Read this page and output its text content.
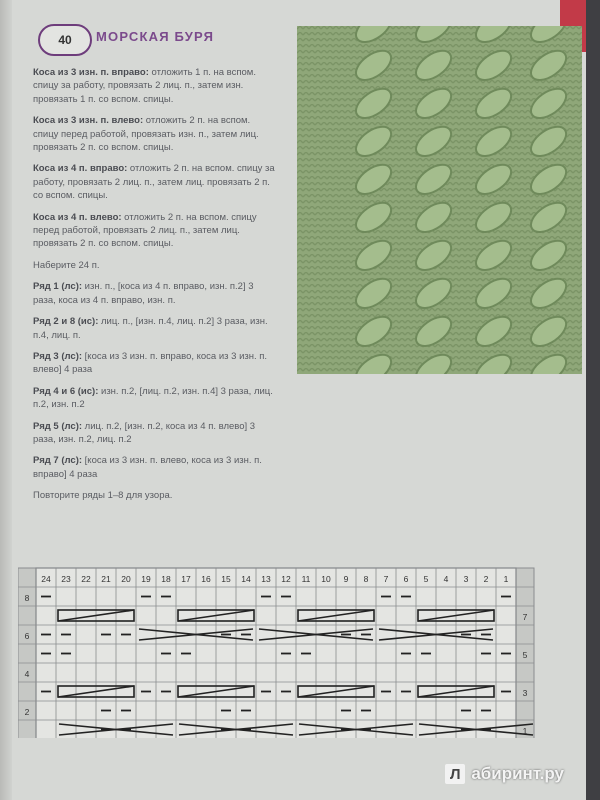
40 МОРСКАЯ БУРЯ

Коса из 3 изн. п. вправо: отложить 1 п. на вспом. спицу за работу, провязать 2 лиц. п., затем изн. провязать 1 п. со вспом. спицы.

Коса из 3 изн. п. влево: отложить 2 п. на вспом. спицу перед работой, провязать изн. п., затем лиц. провязать 2 п. со вспом. спицы.

Коса из 4 п. вправо: отложить 2 п. на вспом. спицу за работу, провязать 2 лиц. п., затем лиц. провязать 2 п. со вспом. спицы.

Коса из 4 п. влево: отложить 2 п. на вспом. спицу перед работой, провязать 2 лиц. п., затем лиц. провязать 2 п. со вспом. спицы.

Наберите 24 п.

Ряд 1 (лс): изн. п., [коса из 4 п. вправо, изн. п.2] 3 раза, коса из 4 п. вправо, изн. п.

Ряд 2 и 8 (ис): лиц. п., [изн. п.4, лиц. п.2] 3 раза, изн. п.4, лиц. п.

Ряд 3 (лс): [коса из 3 изн. п. вправо, коса из 3 изн. п. влево] 4 раза

Ряд 4 и 6 (ис): изн. п.2, [лиц. п.2, изн. п.4] 3 раза, лиц. п.2, изн. п.2

Ряд 5 (лс): лиц. п.2, [изн. п.2, коса из 4 п. влево] 3 раза, изн. п.2, лиц. п.2

Ряд 7 (лс): [коса из 3 изн. п. влево, коса из 3 изн. п. вправо] 4 раза

Повторите ряды 1–8 для узора.

24 23 22 21 20 19 18 17 16 15 14 13 12 11 10 9 8 7 6 5 4 3 2 1
8
6
4
2
7
5
3
1
Л абиринт.ру
